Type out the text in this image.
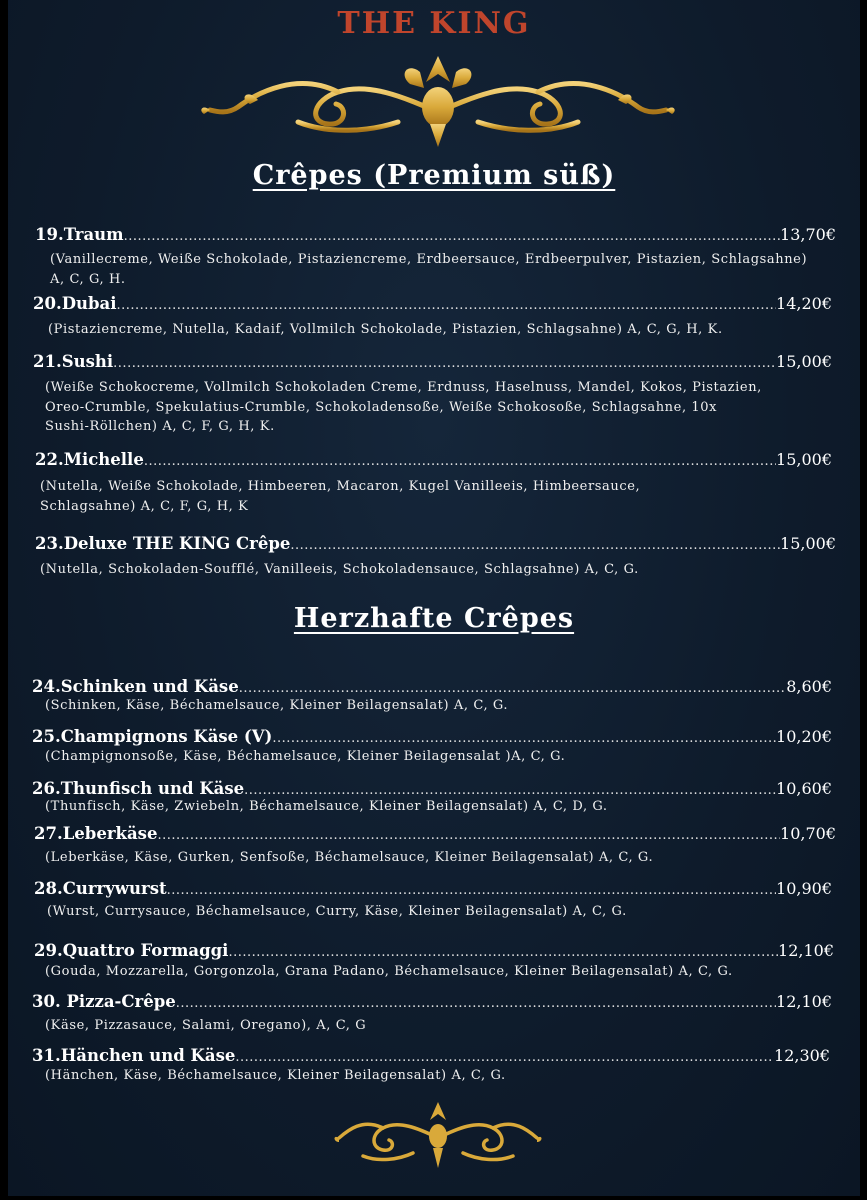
THE KING
Crêpes (Premium süß)
19.Traum .....	13,70€
(Vanillecreme, Weiße Schokolade, Pistaziencreme, Erdbeersauce, Erdbeerpulver, Pistazien, Schlagsahne)
A, C, G, H.
20.Dubai .....	14,20€
(Pistaziencreme, Nutella, Kadaif, Vollmilch Schokolade, Pistazien, Schlagsahne) A, C, G, H, K.
21.Sushi .....	15,00€
(Weiße Schokocreme, Vollmilch Schokoladen Creme, Erdnuss, Haselnuss, Mandel, Kokos, Pistazien,
Oreo-Crumble, Spekulatius-Crumble, Schokoladensoße, Weiße Schokosoße, Schlagsahne, 10x
Sushi-Röllchen) A, C, F, G, H, K.
22.Michelle .....	15,00€
(Nutella, Weiße Schokolade, Himbeeren, Macaron, Kugel Vanilleeis, Himbeersauce,
Schlagsahne) A, C, F, G, H, K
23.Deluxe THE KING Crêpe .....	15,00€
(Nutella, Schokoladen-Soufflé, Vanilleeis, Schokoladensauce, Schlagsahne) A, C, G.
Herzhafte Crêpes
24.Schinken und Käse .....	8,60€
(Schinken, Käse, Béchamelsauce, Kleiner Beilagensalat) A, C, G.
25.Champignons Käse (V) .....	10,20€
(Champignonsoße, Käse, Béchamelsauce, Kleiner Beilagensalat )A, C, G.
26.Thunfisch und Käse .....	10,60€
(Thunfisch, Käse, Zwiebeln, Béchamelsauce, Kleiner Beilagensalat) A, C, D, G.
27.Leberkäse .....	10,70€
(Leberkäse, Käse, Gurken, Senfsoße, Béchamelsauce, Kleiner Beilagensalat) A, C, G.
28.Currywurst .....	10,90€
(Wurst, Currysauce, Béchamelsauce, Curry, Käse, Kleiner Beilagensalat) A, C, G.
29.Quattro Formaggi .....	12,10€
(Gouda, Mozzarella, Gorgonzola, Grana Padano, Béchamelsauce, Kleiner Beilagensalat) A, C, G.
30. Pizza-Crêpe .....	12,10€
(Käse, Pizzasauce, Salami, Oregano), A, C, G
31.Hänchen und Käse .....	12,30€
(Hänchen, Käse, Béchamelsauce, Kleiner Beilagensalat) A, C, G.
